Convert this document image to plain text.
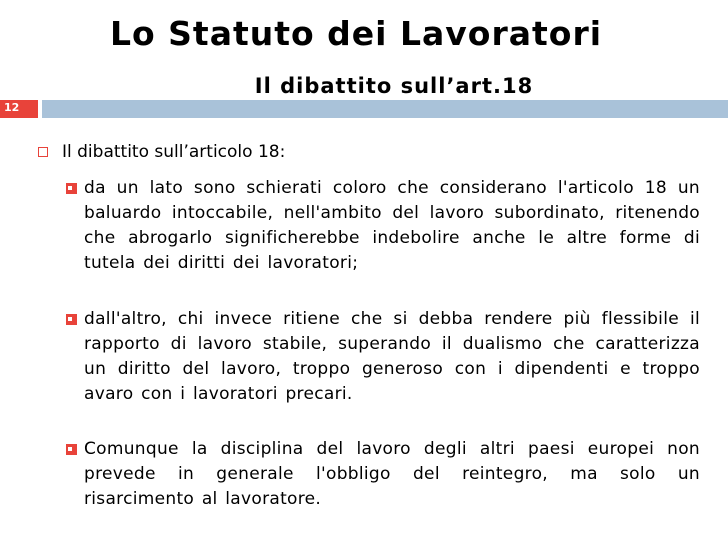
Lo Statuto dei Lavoratori
Il dibattito sull’art.18
12
Il dibattito sull’articolo 18:
da un lato sono schierati coloro che considerano l'articolo 18 un baluardo intoccabile, nell'ambito del lavoro subordinato, ritenendo che abrogarlo significherebbe indebolire anche le altre forme di tutela dei diritti dei lavoratori;
dall'altro, chi invece ritiene che si debba rendere più flessibile il rapporto di lavoro stabile, superando il dualismo che caratterizza un diritto del lavoro, troppo generoso con i dipendenti e troppo avaro con i lavoratori precari.
Comunque la disciplina del lavoro degli altri paesi europei non prevede in generale l'obbligo del reintegro, ma solo un risarcimento al lavoratore.
